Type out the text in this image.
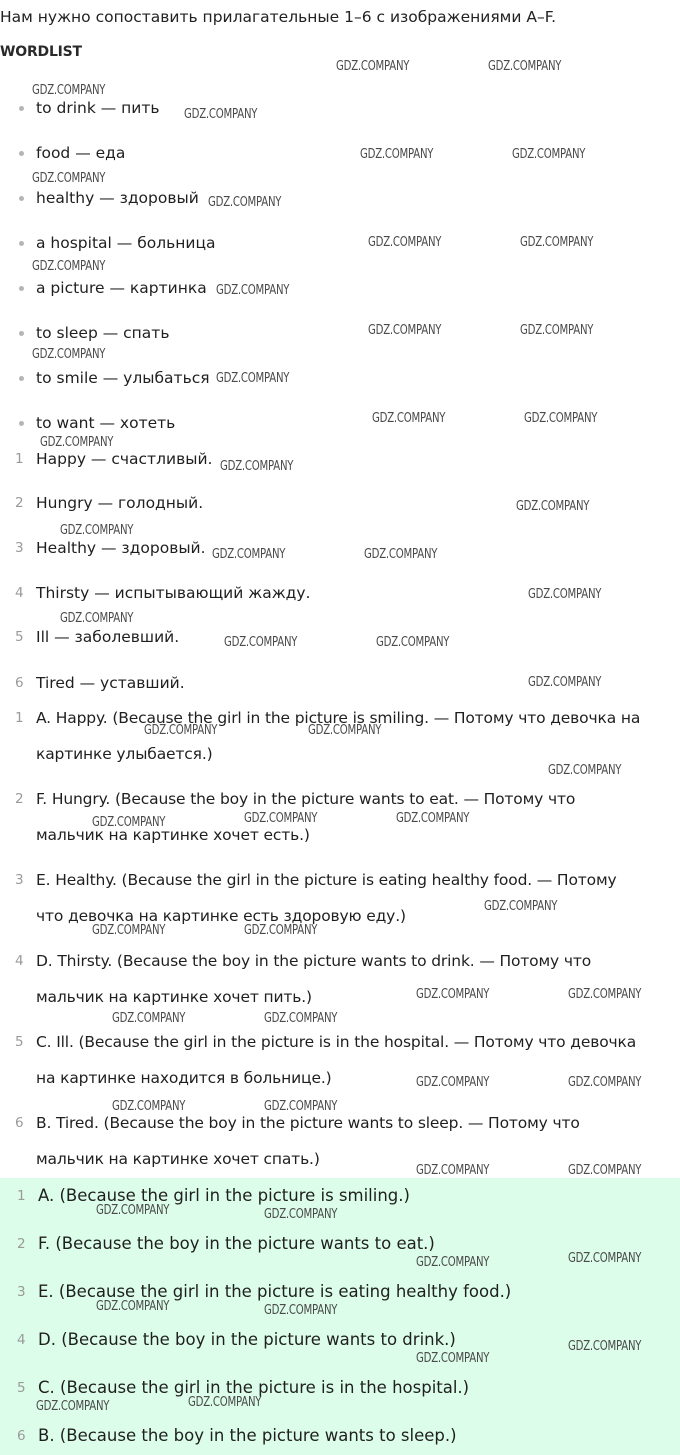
Нам нужно сопоставить прилагательные 1–6 с изображениями A–F.
WORDLIST
to drink — пить
food — еда
healthy — здоровый
a hospital — больница
a picture — картинка
to sleep — спать
to smile — улыбаться
to want — хотеть
1 Happy — счастливый.
2 Hungry — голодный.
3 Healthy — здоровый.
4 Thirsty — испытывающий жажду.
5 Ill — заболевший.
6 Tired — уставший.
1 A. Happy. (Because the girl in the picture is smiling. — Потому что девочка на
картинке улыбается.)
2 F. Hungry. (Because the boy in the picture wants to eat. — Потому что
мальчик на картинке хочет есть.)
3 E. Healthy. (Because the girl in the picture is eating healthy food. — Потому
что девочка на картинке есть здоровую еду.)
4 D. Thirsty. (Because the boy in the picture wants to drink. — Потому что
мальчик на картинке хочет пить.)
5 C. Ill. (Because the girl in the picture is in the hospital. — Потому что девочка
на картинке находится в больнице.)
6 B. Tired. (Because the boy in the picture wants to sleep. — Потому что
мальчик на картинке хочет спать.)
1 A. (Because the girl in the picture is smiling.)
2 F. (Because the boy in the picture wants to eat.)
3 E. (Because the girl in the picture is eating healthy food.)
4 D. (Because the boy in the picture wants to drink.)
5 C. (Because the girl in the picture is in the hospital.)
6 B. (Because the boy in the picture wants to sleep.)
GDZ.COMPANY	GDZ.COMPANY
GDZ.COMPANY
GDZ.COMPANY
GDZ.COMPANY	GDZ.COMPANY
GDZ.COMPANY
GDZ.COMPANY
GDZ.COMPANY	GDZ.COMPANY
GDZ.COMPANY
GDZ.COMPANY
GDZ.COMPANY	GDZ.COMPANY
GDZ.COMPANY
GDZ.COMPANY
GDZ.COMPANY	GDZ.COMPANY
GDZ.COMPANY
GDZ.COMPANY
GDZ.COMPANY
GDZ.COMPANY
GDZ.COMPANY	GDZ.COMPANY
GDZ.COMPANY
GDZ.COMPANY
GDZ.COMPANY	GDZ.COMPANY
GDZ.COMPANY
GDZ.COMPANY	GDZ.COMPANY
GDZ.COMPANY
GDZ.COMPANY	GDZ.COMPANY	GDZ.COMPANY
GDZ.COMPANY
GDZ.COMPANY	GDZ.COMPANY
GDZ.COMPANY	GDZ.COMPANY
GDZ.COMPANY	GDZ.COMPANY
GDZ.COMPANY	GDZ.COMPANY
GDZ.COMPANY	GDZ.COMPANY
GDZ.COMPANY	GDZ.COMPANY
GDZ.COMPANY	GDZ.COMPANY
GDZ.COMPANY	GDZ.COMPANY
GDZ.COMPANY	GDZ.COMPANY
GDZ.COMPANY
GDZ.COMPANY
GDZ.COMPANY	GDZ.COMPANY
